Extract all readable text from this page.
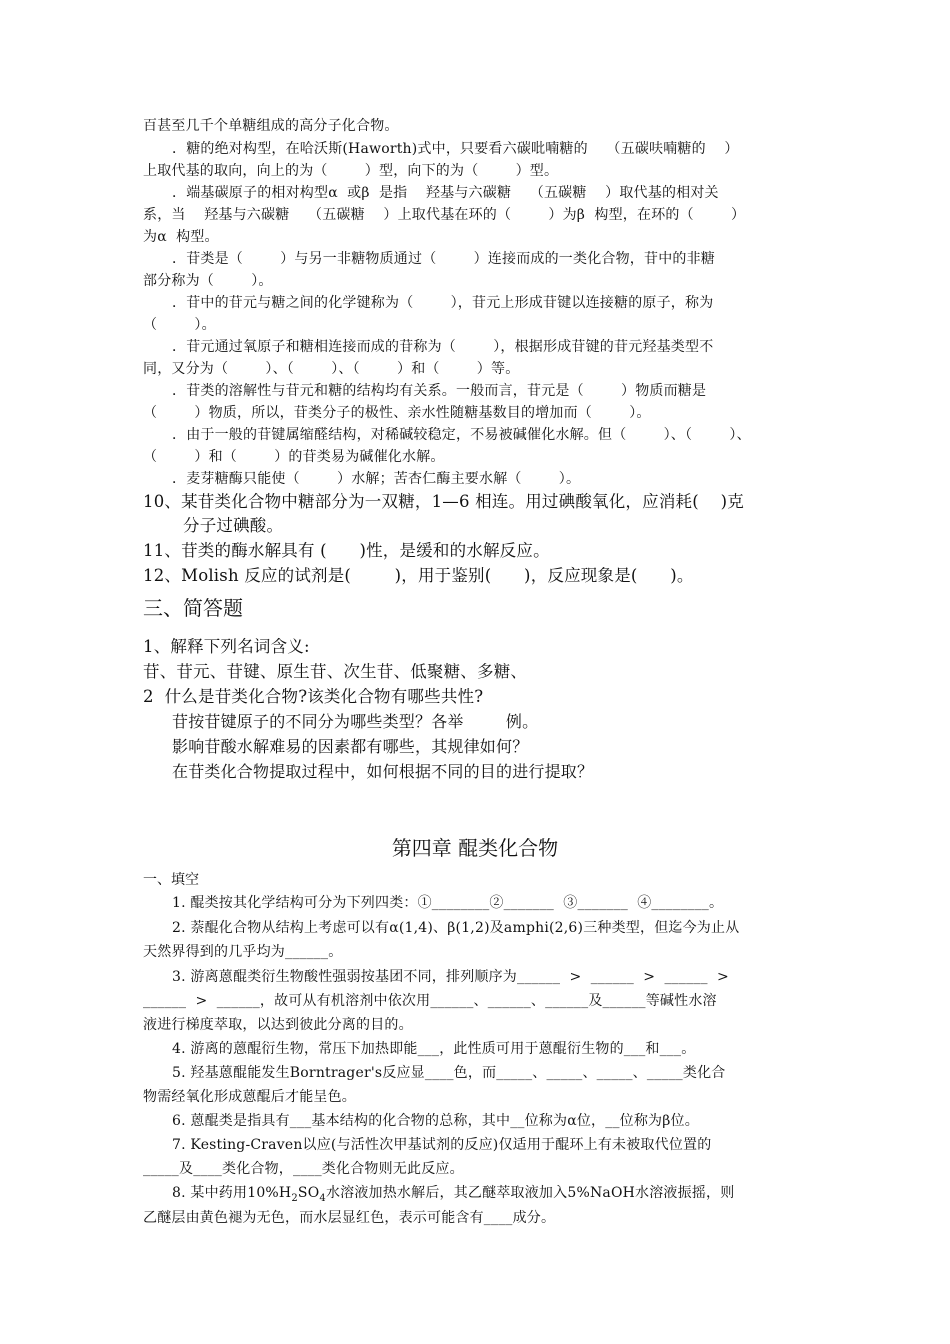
百甚至几千个单糖组成的高分子化合物。
．糖的绝对构型，在哈沃斯(Haworth)式中，只要看六碳吡喃糖的    （五碳呋喃糖的    ）
上取代基的取向，向上的为（        ）型，向下的为（        ）型。
．端基碳原子的相对构型α  或β  是指    羟基与六碳糖    （五碳糖    ）取代基的相对关
系，当    羟基与六碳糖    （五碳糖    ）上取代基在环的（        ）为β  构型，在环的（        ）
为α  构型。
．苷类是（        ）与另一非糖物质通过（        ）连接而成的一类化合物，苷中的非糖
部分称为（        ）。
．苷中的苷元与糖之间的化学键称为（        ），苷元上形成苷键以连接糖的原子，称为
（        ）。
．苷元通过氧原子和糖相连接而成的苷称为（        ），根据形成苷键的苷元羟基类型不
同，又分为（        ）、（        ）、（        ）和（        ）等。
．苷类的溶解性与苷元和糖的结构均有关系。一般而言，苷元是（        ）物质而糖是
（        ）物质，所以，苷类分子的极性、亲水性随糖基数目的增加而（        ）。
．由于一般的苷键属缩醛结构，对稀碱较稳定，不易被碱催化水解。但（        ）、（        ）、
（        ）和（        ）的苷类易为碱催化水解。
．麦芽糖酶只能使（        ）水解；苦杏仁酶主要水解（        ）。
10、某苷类化合物中糖部分为一双糖，1—6 相连。用过碘酸氧化，应消耗(    )克
分子过碘酸。
11、苷类的酶水解具有 (      )性，是缓和的水解反应。
12、Molish 反应的试剂是(        )，用于鉴别(      )，反应现象是(      )。
三、简答题
1、解释下列名词含义:
苷、苷元、苷键、原生苷、次生苷、低聚糖、多糖、
2  什么是苷类化合物?该类化合物有哪些共性?
苷按苷键原子的不同分为哪些类型？各举        例。
影响苷酸水解难易的因素都有哪些，其规律如何？
在苷类化合物提取过程中，如何根据不同的目的进行提取？
第四章 醌类化合物
一、填空
1. 醌类按其化学结构可分为下列四类：①________②_______  ③_______  ④________。
2. 萘醌化合物从结构上考虑可以有α(1,4)、β(1,2)及amphi(2,6)三种类型，但迄今为止从
天然界得到的几乎均为______。
3. 游离蒽醌类衍生物酸性强弱按基团不同，排列顺序为______  >  ______  >  ______  >
______  >  ______，故可从有机溶剂中依次用______、______、______及______等碱性水溶
液进行梯度萃取，以达到彼此分离的目的。
4. 游离的蒽醌衍生物，常压下加热即能___，此性质可用于蒽醌衍生物的___和___。
5. 羟基蒽醌能发生Borntrager's反应显____色，而_____、_____、_____、_____类化合
物需经氧化形成蒽醌后才能呈色。
6. 蒽醌类是指具有___基本结构的化合物的总称，其中__位称为α位，__位称为β位。
7. Kesting-Craven以应(与活性次甲基试剂的反应)仅适用于醌环上有未被取代位置的
_____及____类化合物，____类化合物则无此反应。
8. 某中药用$10\%H_2SO_4$水溶液加热水解后，其乙醚萃取液加入5%NaOH水溶液振摇，则
乙醚层由黄色褪为无色，而水层显红色，表示可能含有____成分。
